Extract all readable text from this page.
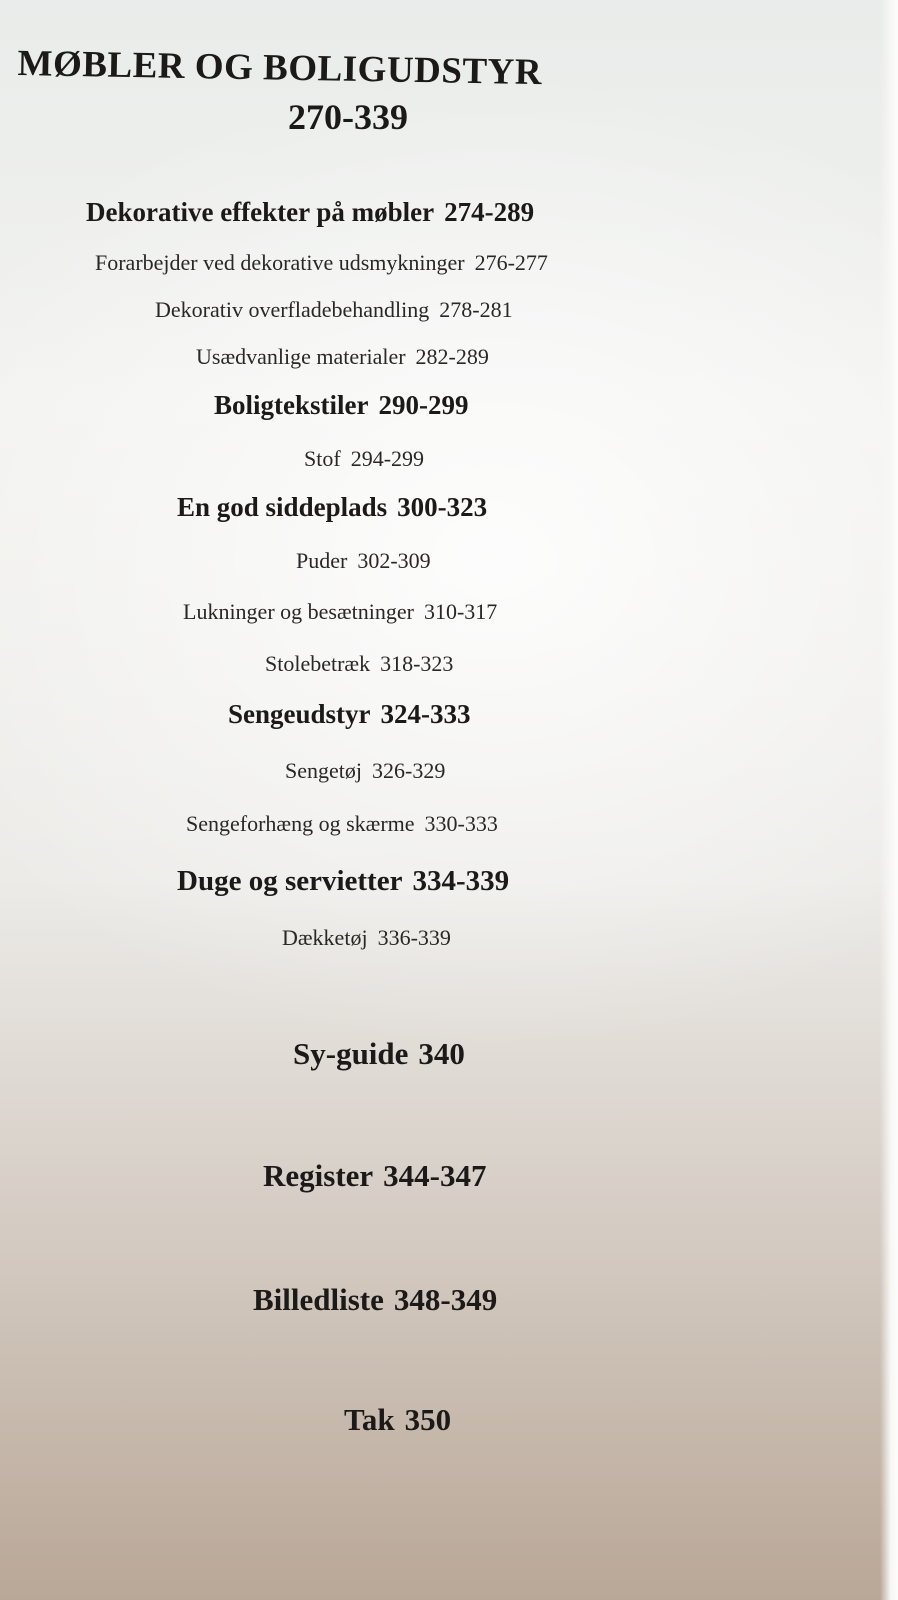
MØBLER OG BOLIGUDSTYR
270-339
Dekorative effekter på møbler 274-289
Forarbejder ved dekorative udsmykninger 276-277
Dekorativ overfladebehandling 278-281
Usædvanlige materialer 282-289
Boligtekstiler 290-299
Stof 294-299
En god siddeplads 300-323
Puder 302-309
Lukninger og besætninger 310-317
Stolebetræk 318-323
Sengeudstyr 324-333
Sengetøj 326-329
Sengeforhæng og skærme 330-333
Duge og servietter 334-339
Dækketøj 336-339
Sy-guide 340
Register 344-347
Billedliste 348-349
Tak 350
